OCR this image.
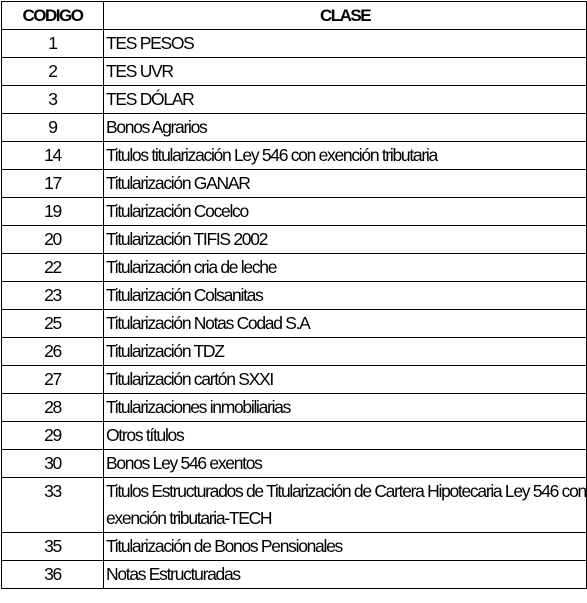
CODIGO	CLASE
1	TES PESOS
2	TES UVR
3	TES DÓLAR
9	Bonos Agrarios
14	Titulos titularización Ley 546 con exención tributaria
17	Titularización GANAR
19	Titularización Cocelco
20	Titularización TIFIS 2002
22	Titularización cria de leche
23	Titularización Colsanitas
25	Titularización Notas Codad S.A
26	Titularización TDZ
27	Titularización cartón SXXI
28	Titularizaciones inmobiliarias
29	Otros títulos
30	Bonos Ley 546 exentos
33	Titulos Estructurados de Titularización de Cartera Hipotecaria Ley 546 con exención tributaria-TECH
35	Titularización de Bonos Pensionales
36	Notas Estructuradas
